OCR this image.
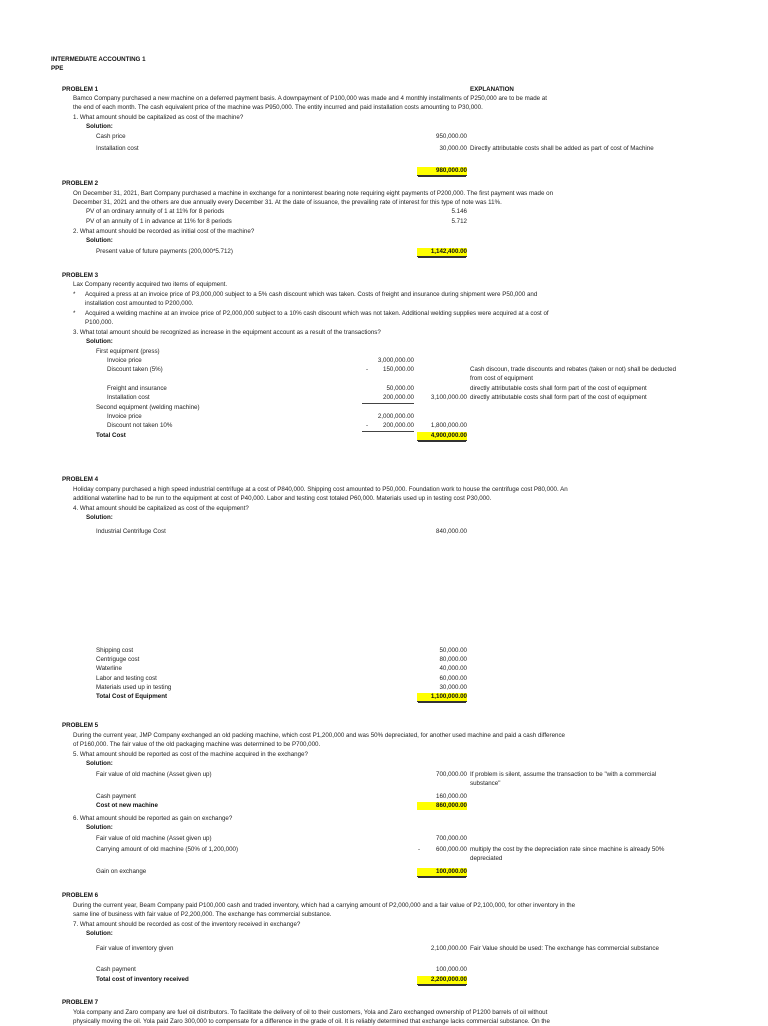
INTERMEDIATE ACCOUNTING 1
PPE
PROBLEM 1	EXPLANATION
Bamco Company purchased a new machine on a deferred payment basis. A downpayment of P100,000 was made and 4 monthly installments of P250,000 are to be made at
the end of each month. The cash equivalent price of the machine was P950,000. The entity incurred and paid installation costs amounting to P30,000.
1. What amount should be capitalized as cost of the machine?
Solution:
Cash price	950,000.00
Installation cost	30,000.00 Directly attributable costs shall be added as part of cost of Machine
980,000.00
PROBLEM 2
On December 31, 2021, Bart Company purchased a machine in exchange for a noninterest bearing note requiring eight payments of P200,000. The first payment was made on
December 31, 2021 and the others are due annually every December 31. At the date of issuance, the prevailing rate of interest for this type of note was 11%.
PV of an ordinary annuity of 1 at 11% for 8 periods	5.146
PV of an annuity of 1 in advance at 11% for 8 periods	5.712
2. What amount should be recorded as initial cost of the machine?
Solution:
Present value of future payments (200,000*5.712)	1,142,400.00
PROBLEM 3
Lax Company recently acquired two items of equipment.
* Acquired a press at an invoice price of P3,000,000 subject to a 5% cash discount which was taken. Costs of freight and insurance during shipment were P50,000 and
installation cost amounted to P200,000.
* Acquired a welding machine at an invoice price of P2,000,000 subject to a 10% cash discount which was not taken. Additional welding supplies were acquired at a cost of
P100,000.
3. What total amount should be recognized as increase in the equipment account as a result of the transactions?
Solution:
First equipment (press)
Invoice price	3,000,000.00
Discount taken (5%)	-	150,000.00	Cash discoun, trade discounts and rebates (taken or not) shall be deducted
from cost of equipment
Freight and insurance	50,000.00	directly attributable costs shall form part of the cost of equipment
Installation cost	200,000.00	3,100,000.00 directly attributable costs shall form part of the cost of equipment
Second equipment (welding machine)
Invoice price	2,000,000.00
Discount not taken 10%	-	200,000.00	1,800,000.00
Total Cost	4,900,000.00
PROBLEM 4
Holiday company purchased a high speed industrial centrifuge at a cost of P840,000. Shipping cost amounted to P50,000. Foundation work to house the centrifuge cost P80,000. An
additional waterline had to be run to the equipment at cost of P40,000. Labor and testing cost totaled P60,000. Materials used up in testing cost P30,000.
4. What amount should be capitalized as cost of the equipment?
Solution:
Industrial Centrifuge Cost	840,000.00
Shipping cost	50,000.00
Centriguge cost	80,000.00
Waterline	40,000.00
Labor and testing cost	60,000.00
Materials used up in testing	30,000.00
Total Cost of Equipment	1,100,000.00
PROBLEM 5
During the current year, JMP Company exchanged an old packing machine, which cost P1,200,000 and was 50% depreciated, for another used machine and paid a cash difference
of P160,000. The fair value of the old packaging machine was determined to be P700,000.
5. What amount should be reported as cost of the machine acquired in the exchange?
Solution:
Fair value of old machine (Asset given up)	700,000.00 If problem is silent, assume the transaction to be "with a commercial
substance"
Cash payment	160,000.00
Cost ot new machine	860,000.00
6. What amount should be reported as gain on exchange?
Solution:
Fair value of old machine (Asset given up)	700,000.00
Carrying amount of old machine (50% of 1,200,000)	-	600,000.00 multiply the cost by the depreciation rate since machine is already 50%
depreciated
Gain on exchange	100,000.00
PROBLEM 6
During the current year, Beam Company paid P100,000 cash and traded inventory, which had a carrying amount of P2,000,000 and a fair value of P2,100,000, for other inventory in the
same line of business with fair value of P2,200,000. The exchange has commercial substance.
7. What amount should be recorded as cost of the inventory received in exchange?
Solution:
Fair value of inventory given	2,100,000.00 Fair Value should be used: The exchange has commercial substance
Cash payment	100,000.00
Total cost of inventory received	2,200,000.00
PROBLEM 7
Yola company and Zaro company are fuel oil distributors. To facilitate the delivery of oil to their customers, Yola and Zaro exchanged ownership of P1200 barrels of oil without
physically moving the oil. Yola paid Zaro 300,000 to compensate for a difference in the grade of oil. It is reliably determined that exchange lacks commercial substance. On the
